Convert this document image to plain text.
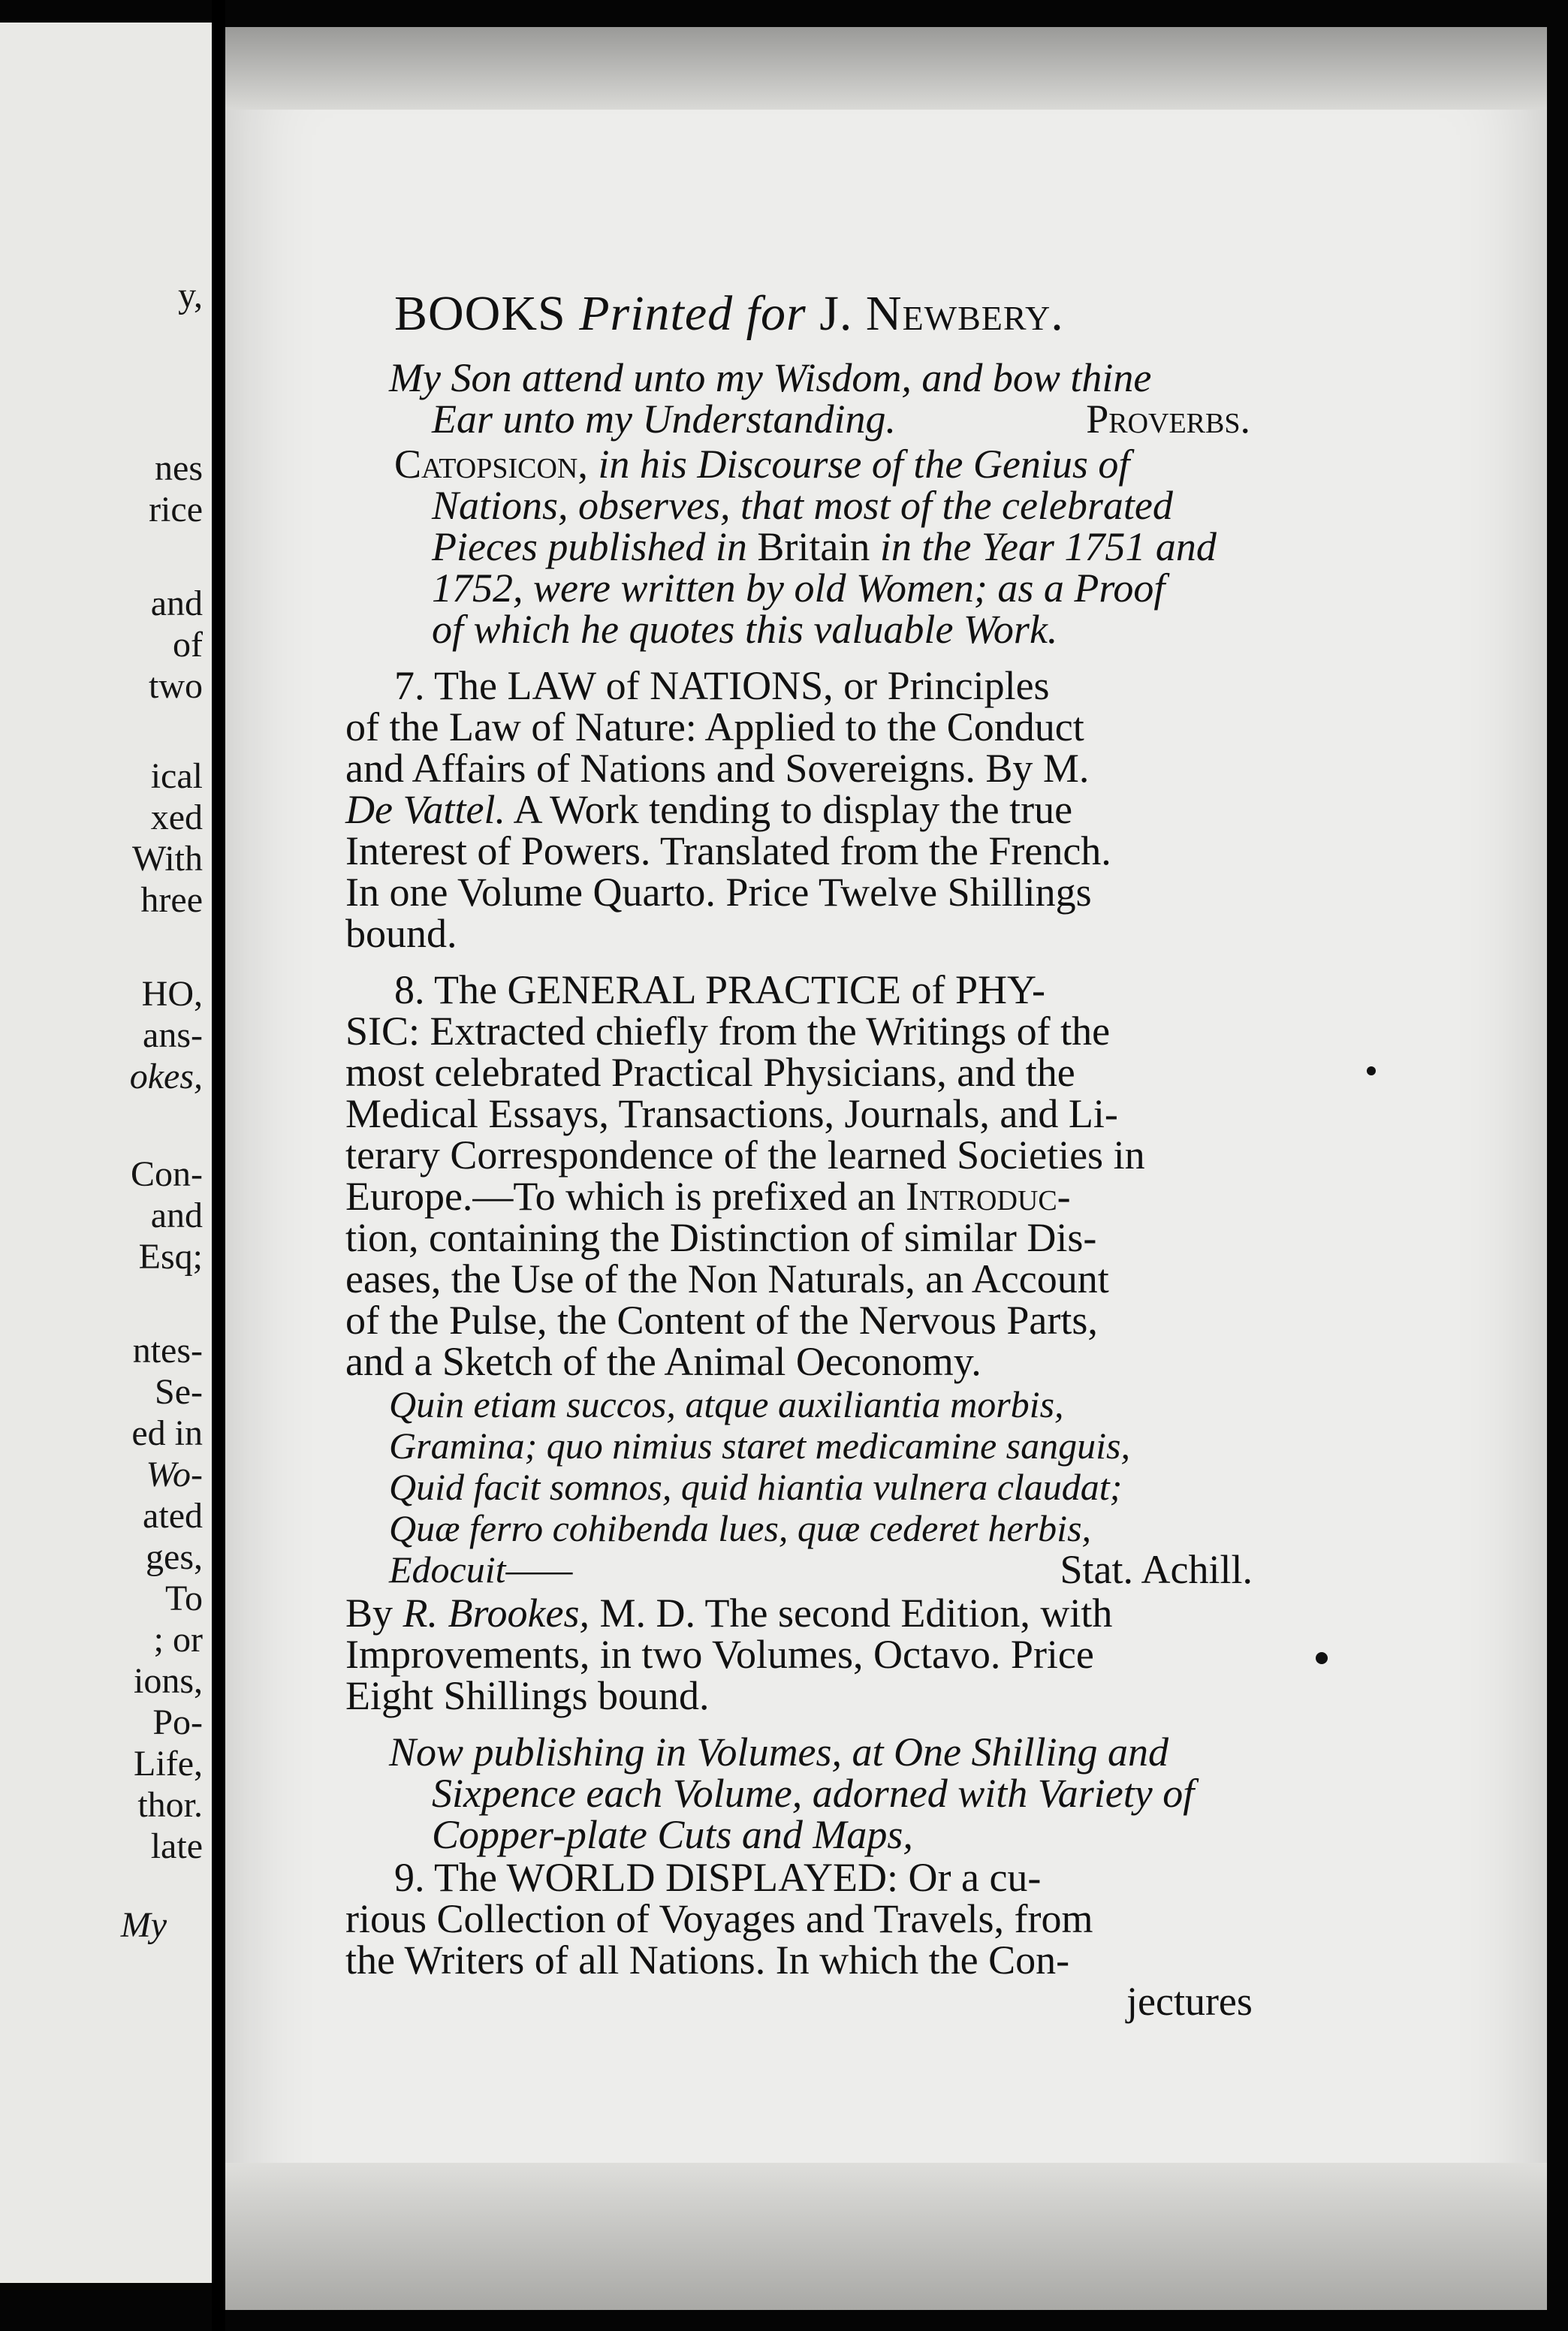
y,
nes
rice
and
of
two
ical
xed
With
hree
HO,
ans-
okes,
Con-
and
Esq;
ntes-
Se-
ed in
Wo-
ated
ges,
To
; or
ions,
Po-
Life,
thor.
late
My
BOOKS Printed for J. Newbery.
My Son attend unto my Wisdom, and bow thine
Ear unto my Understanding.	Proverbs.
Catopsicon, in his Discourse of the Genius of
Nations, observes, that most of the celebrated
Pieces published in Britain in the Year 1751 and
1752, were written by old Women; as a Proof
of which he quotes this valuable Work.
7. The LAW of NATIONS, or Principles
of the Law of Nature: Applied to the Conduct
and Affairs of Nations and Sovereigns. By M.
De Vattel. A Work tending to display the true
Interest of Powers. Translated from the French.
In one Volume Quarto. Price Twelve Shillings
bound.
8. The GENERAL PRACTICE of PHY-
SIC: Extracted chiefly from the Writings of the
most celebrated Practical Physicians, and the
Medical Essays, Transactions, Journals, and Li-
terary Correspondence of the learned Societies in
Europe.—To which is prefixed an Introduc-
tion, containing the Distinction of similar Dis-
eases, the Use of the Non Naturals, an Account
of the Pulse, the Content of the Nervous Parts,
and a Sketch of the Animal Oeconomy.
Quin etiam succos, atque auxiliantia morbis,
Gramina; quo nimius staret medicamine sanguis,
Quid facit somnos, quid hiantia vulnera claudat;
Quæ ferro cohibenda lues, quæ cederet herbis,
Edocuit——	Stat. Achill.
By R. Brookes, M. D. The second Edition, with
Improvements, in two Volumes, Octavo. Price
Eight Shillings bound.
Now publishing in Volumes, at One Shilling and
Sixpence each Volume, adorned with Variety of
Copper-plate Cuts and Maps,
9. The WORLD DISPLAYED: Or a cu-
rious Collection of Voyages and Travels, from
the Writers of all Nations. In which the Con-
jectures
